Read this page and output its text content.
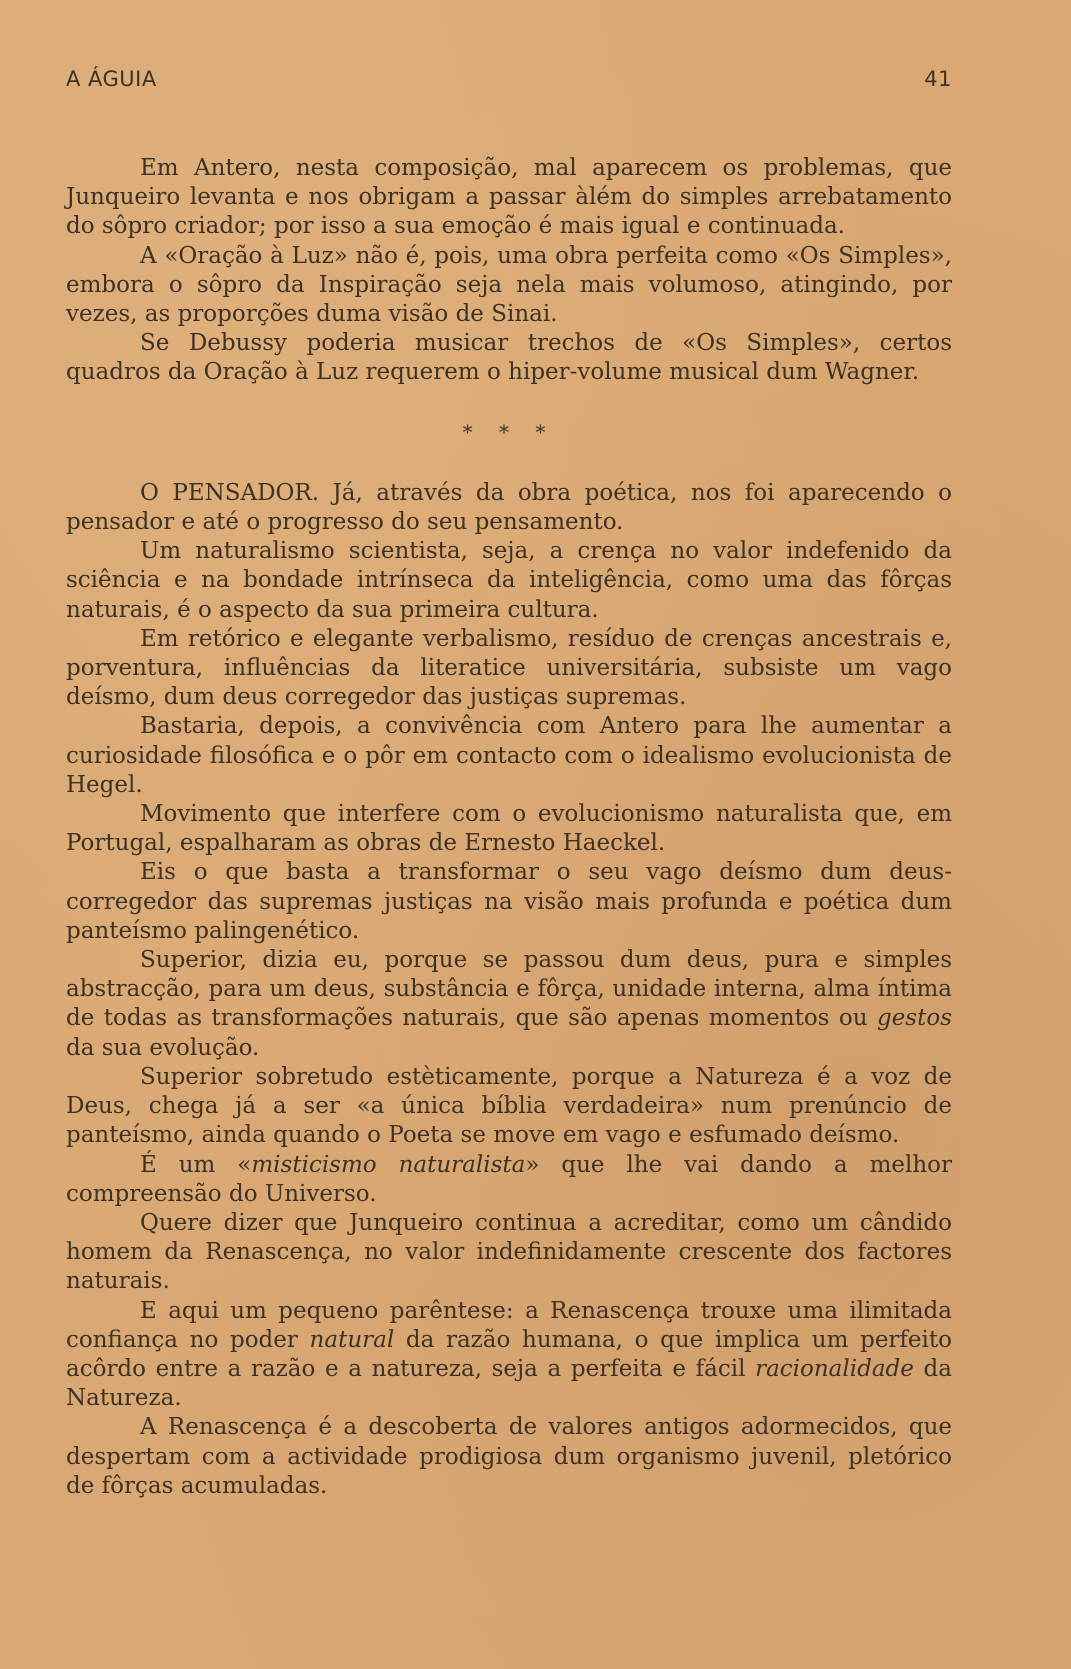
A ÁGUIA	41

Em Antero, nesta composição, mal aparecem os problemas, que Junqueiro levanta e nos obrigam a passar àlém do simples arrebatamento do sôpro criador; por isso a sua emoção é mais igual e continuada.

A «Oração à Luz» não é, pois, uma obra perfeita como «Os Simples», embora o sôpro da Inspiração seja nela mais volumoso, atingindo, por vezes, as proporções duma visão de Sinai.

Se Debussy poderia musicar trechos de «Os Simples», certos quadros da Oração à Luz requerem o hiper-volume musical dum Wagner.

* * *

O PENSADOR. Já, através da obra poética, nos foi aparecendo o pensador e até o progresso do seu pensamento.

Um naturalismo scientista, seja, a crença no valor indefenido da sciência e na bondade intrínseca da inteligência, como uma das fôrças naturais, é o aspecto da sua primeira cultura.

Em retórico e elegante verbalismo, resíduo de crenças ancestrais e, porventura, influências da literatice universitária, subsiste um vago deísmo, dum deus corregedor das justiças supremas.

Bastaria, depois, a convivência com Antero para lhe aumentar a curiosidade filosófica e o pôr em contacto com o idealismo evolucionista de Hegel.

Movimento que interfere com o evolucionismo naturalista que, em Portugal, espalharam as obras de Ernesto Haeckel.

Eis o que basta a transformar o seu vago deísmo dum deus-corregedor das supremas justiças na visão mais profunda e poética dum panteísmo palingenético.

Superior, dizia eu, porque se passou dum deus, pura e simples abstracção, para um deus, substância e fôrça, unidade interna, alma íntima de todas as transformações naturais, que são apenas momentos ou gestos da sua evolução.

Superior sobretudo estèticamente, porque a Natureza é a voz de Deus, chega já a ser «a única bíblia verdadeira» num prenúncio de panteísmo, ainda quando o Poeta se move em vago e esfumado deísmo.

É um «misticismo naturalista» que lhe vai dando a melhor compreensão do Universo.

Quere dizer que Junqueiro continua a acreditar, como um cândido homem da Renascença, no valor indefinidamente crescente dos factores naturais.

E aqui um pequeno parêntese: a Renascença trouxe uma ilimitada confiança no poder natural da razão humana, o que implica um perfeito acôrdo entre a razão e a natureza, seja a perfeita e fácil racionalidade da Natureza.

A Renascença é a descoberta de valores antigos adormecidos, que despertam com a actividade prodigiosa dum organismo juvenil, pletórico de fôrças acumuladas.
